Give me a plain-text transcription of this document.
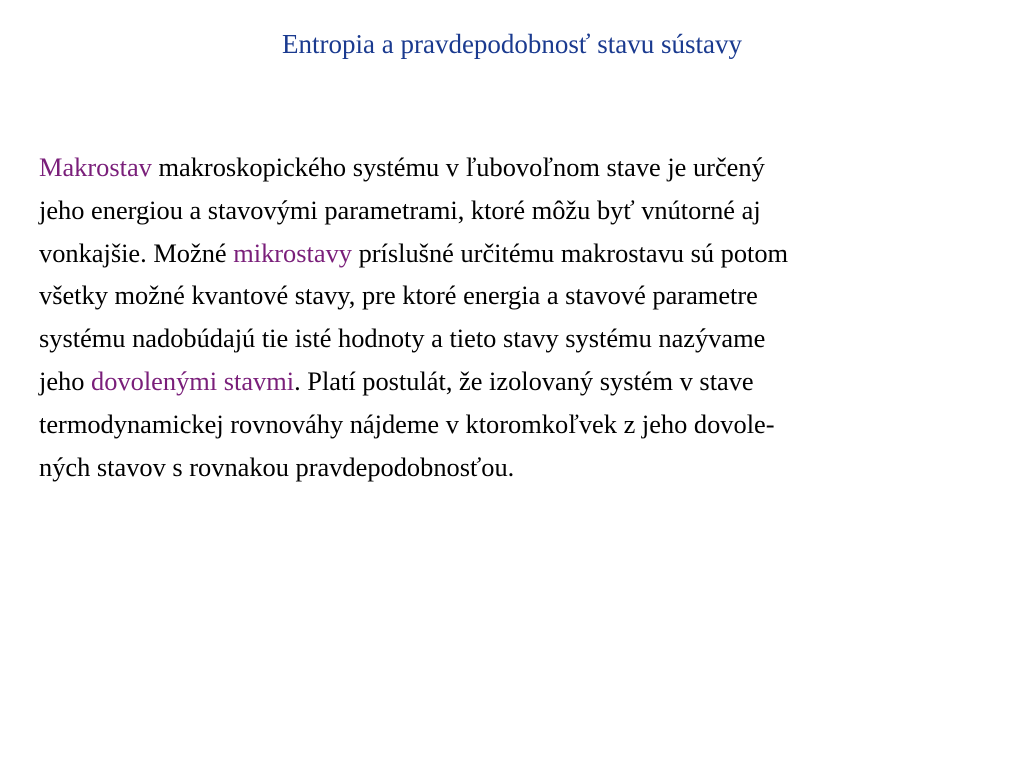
Entropia a pravdepodobnosť stavu sústavy
Makrostav makroskopického systému v ľubovoľnom stave je určený
jeho energiou a stavovými parametrami, ktoré môžu byť vnútorné aj
vonkajšie. Možné mikrostavy príslušné určitému makrostavu sú potom
všetky možné kvantové stavy, pre ktoré energia a stavové parametre
systému nadobúdajú tie isté hodnoty a tieto stavy systému nazývame
jeho dovolenými stavmi. Platí postulát, že izolovaný systém v stave
termodynamickej rovnováhy nájdeme v ktoromkoľvek z jeho dovole-
ných stavov s rovnakou pravdepodobnosťou.
